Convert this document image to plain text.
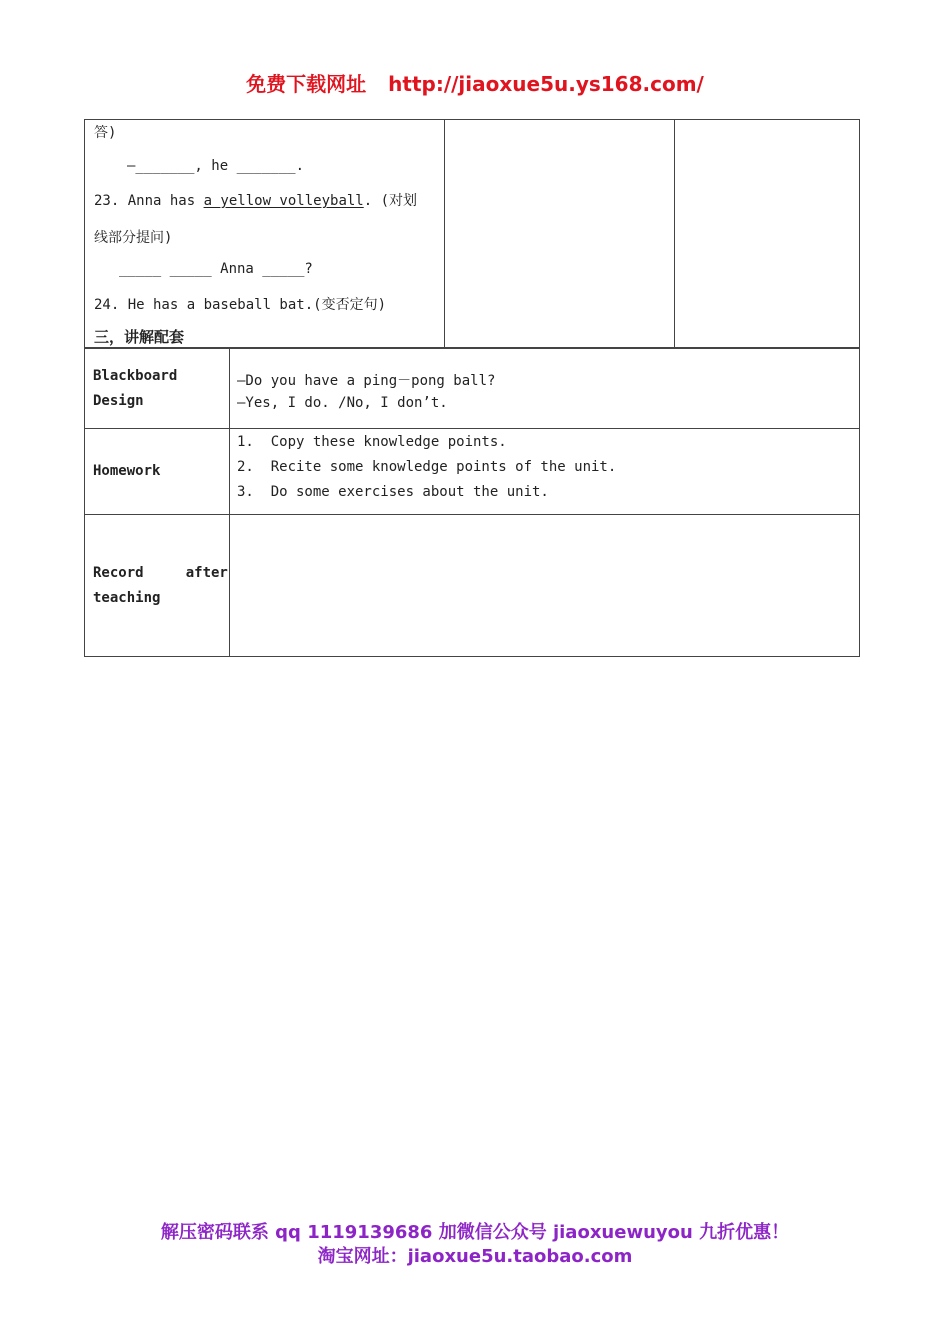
免费下载网址 http://jiaoxue5u.ys168.com/
答)
—_______, he _______.
23. Anna has a yellow volleyball. (对划
线部分提问)
_____ _____ Anna _____?
24. He has a baseball bat.(变否定句)
三，讲解配套
Blackboard
Design
—Do you have a ping－pong ball?
—Yes, I do. /No, I don’t.
Homework
1.  Copy these knowledge points.
2.  Recite some knowledge points of the unit.
3.  Do some exercises about the unit.
Record     after
teaching
解压密码联系 qq 1119139686 加微信公众号 jiaoxuewuyou 九折优惠！
淘宝网址：jiaoxue5u.taobao.com
